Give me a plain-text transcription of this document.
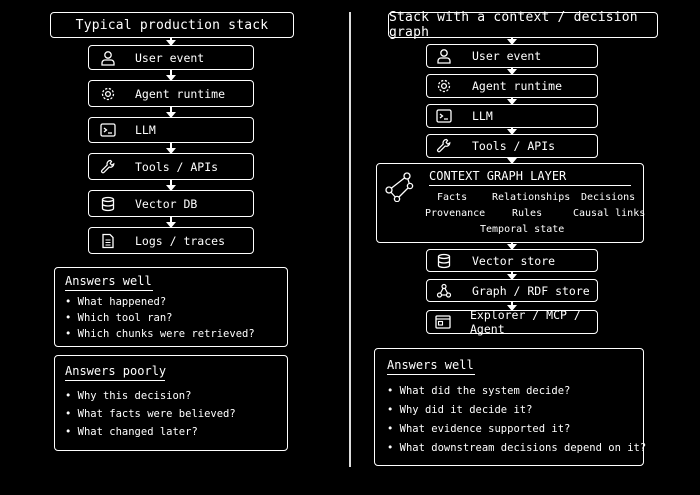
Typical production stack
User event
Agent runtime
LLM
Tools / APIs
Vector DB
Logs / traces
Answers well
• What happened?
• Which tool ran?
• Which chunks were retrieved?
Answers poorly
• Why this decision?
• What facts were believed?
• What changed later?
Stack with a context / decision graph
User event
Agent runtime
LLM
Tools / APIs
CONTEXT GRAPH LAYER
Facts Relationships Decisions
Provenance	Rules	Causal links
Temporal state
Vector store
Graph / RDF store
Explorer / MCP / Agent
Answers well
• What did the system decide?
• Why did it decide it?
• What evidence supported it?
• What downstream decisions depend on it?
